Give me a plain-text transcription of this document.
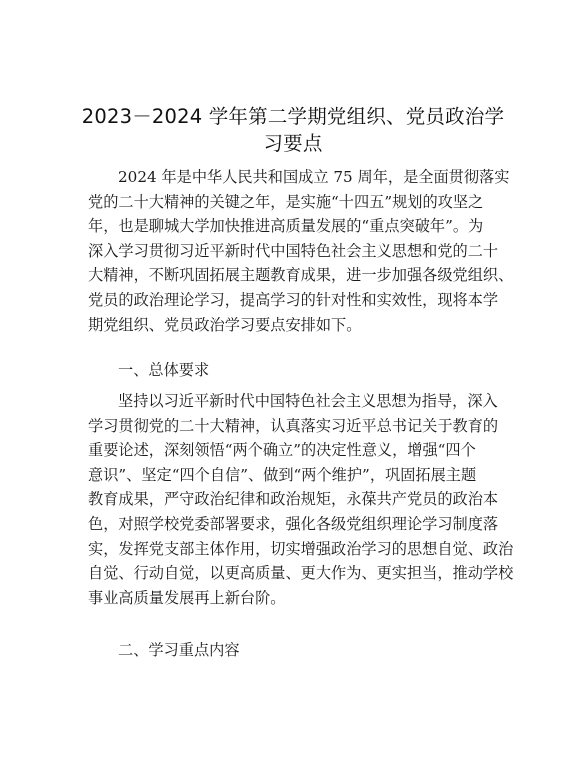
2023－2024 学年第二学期党组织、党员政治学
习要点
2024 年是中华人民共和国成立 75 周年，是全面贯彻落实
党的二十大精神的关键之年，是实施“十四五”规划的攻坚之
年，也是聊城大学加快推进高质量发展的“重点突破年”。为
深入学习贯彻习近平新时代中国特色社会主义思想和党的二十
大精神，不断巩固拓展主题教育成果，进一步加强各级党组织、
党员的政治理论学习，提高学习的针对性和实效性，现将本学
期党组织、党员政治学习要点安排如下。
一、总体要求
坚持以习近平新时代中国特色社会主义思想为指导，深入
学习贯彻党的二十大精神，认真落实习近平总书记关于教育的
重要论述，深刻领悟“两个确立”的决定性意义，增强“四个
意识”、坚定“四个自信”、做到“两个维护”，巩固拓展主题
教育成果，严守政治纪律和政治规矩，永葆共产党员的政治本
色，对照学校党委部署要求，强化各级党组织理论学习制度落
实，发挥党支部主体作用，切实增强政治学习的思想自觉、政治
自觉、行动自觉，以更高质量、更大作为、更实担当，推动学校
事业高质量发展再上新台阶。
二、学习重点内容
